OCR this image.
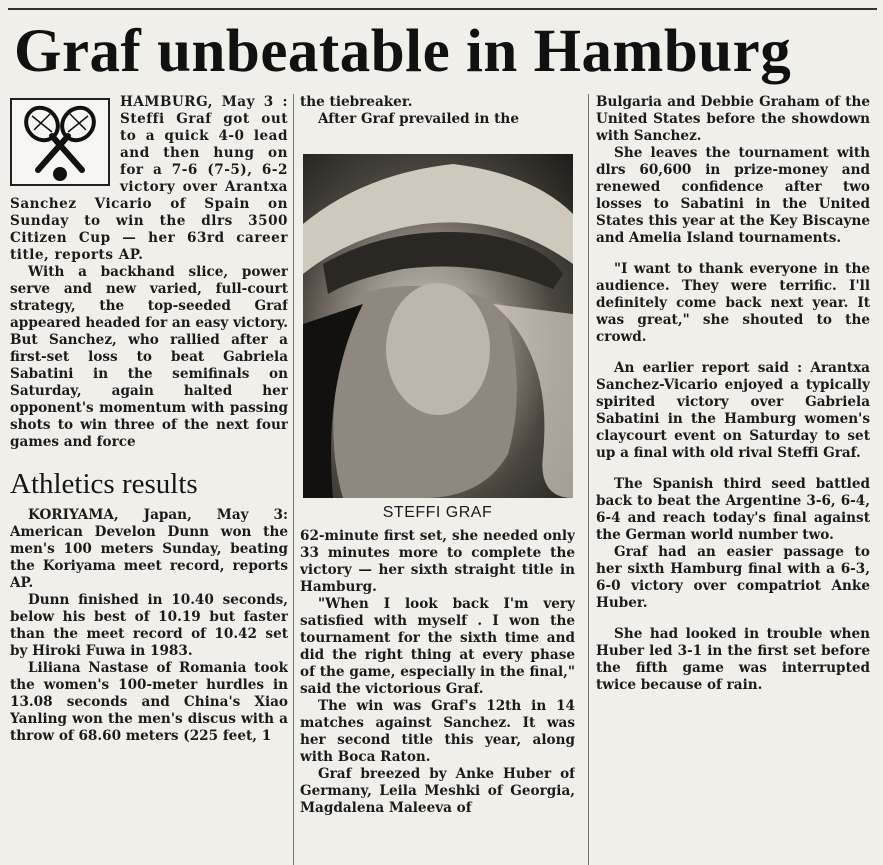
Graf unbeatable in Hamburg

HAMBURG, May 3 : Steffi Graf got out to a quick 4-0 lead and then hung on for a 7-6 (7-5), 6-2 victory over Arantxa Sanchez Vicario of Spain on Sunday to win the dlrs 3500 Citizen Cup — her 63rd career title, reports AP.

With a backhand slice, power serve and new varied, full-court strategy, the top-seeded Graf appeared headed for an easy victory. But Sanchez, who rallied after a first-set loss to beat Gabriela Sabatini in the semifinals on Saturday, again halted her opponent's momentum with passing shots to win three of the next four games and force

Athletics results

KORIYAMA, Japan, May 3: American Develon Dunn won the men's 100 meters Sunday, beating the Koriyama meet record, reports AP.

Dunn finished in 10.40 seconds, below his best of 10.19 but faster than the meet record of 10.42 set by Hiroki Fuwa in 1983.

Liliana Nastase of Romania took the women's 100-meter hurdles in 13.08 seconds and China's Xiao Yanling won the men's discus with a throw of 68.60 meters (225 feet, 1

the tiebreaker.

After Graf prevailed in the

STEFFI GRAF

62-minute first set, she needed only 33 minutes more to complete the victory — her sixth straight title in Hamburg.

"When I look back I'm very satisfied with myself . I won the tournament for the sixth time and did the right thing at every phase of the game, especially in the final," said the victorious Graf.

The win was Graf's 12th in 14 matches against Sanchez. It was her second title this year, along with Boca Raton.

Graf breezed by Anke Huber of Germany, Leila Meshki of Georgia, Magdalena Maleeva of

Bulgaria and Debbie Graham of the United States before the showdown with Sanchez.

She leaves the tournament with dlrs 60,600 in prize-money and renewed confidence after two losses to Sabatini in the United States this year at the Key Biscayne and Amelia Island tournaments.

"I want to thank everyone in the audience. They were terrific. I'll definitely come back next year. It was great," she shouted to the crowd.

An earlier report said : Arantxa Sanchez-Vicario enjoyed a typically spirited victory over Gabriela Sabatini in the Hamburg women's claycourt event on Saturday to set up a final with old rival Steffi Graf.

The Spanish third seed battled back to beat the Argentine 3-6, 6-4, 6-4 and reach today's final against the German world number two.

Graf had an easier passage to her sixth Hamburg final with a 6-3, 6-0 victory over compatriot Anke Huber.

She had looked in trouble when Huber led 3-1 in the first set before the fifth game was interrupted twice because of rain.
